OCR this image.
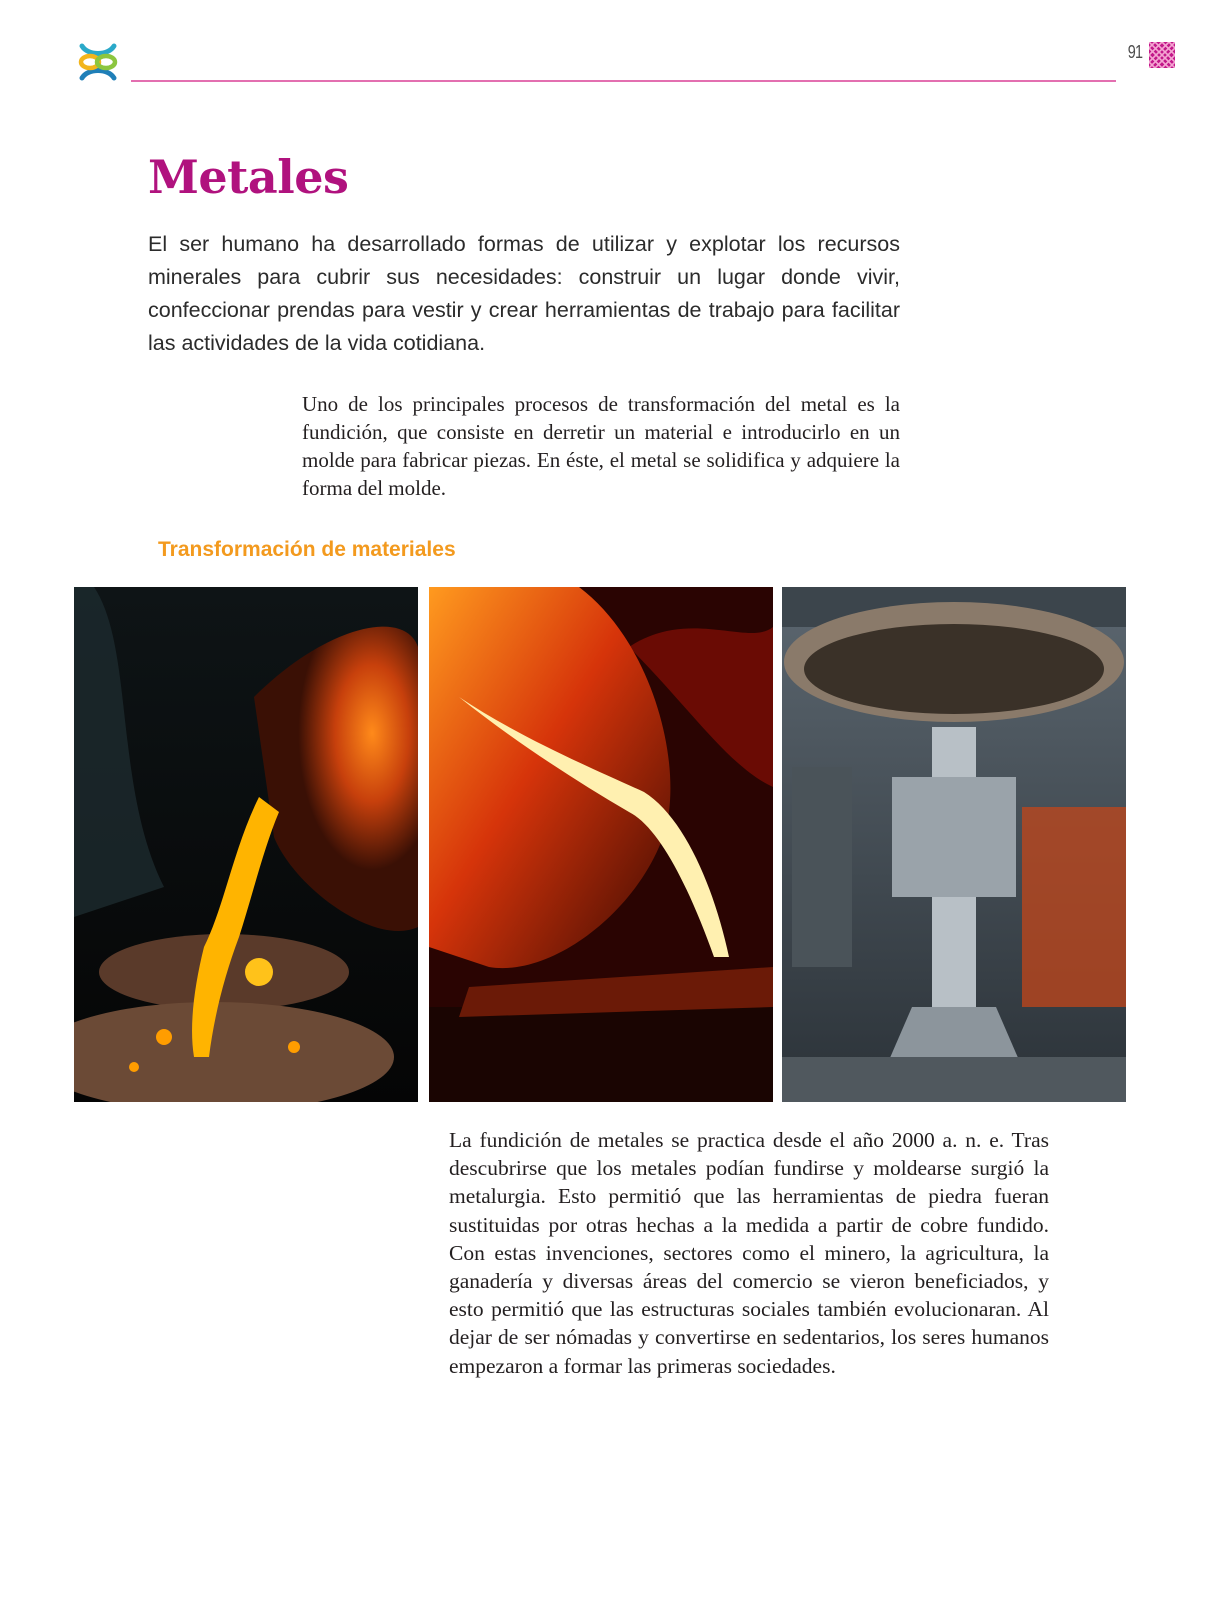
91
Metales

El ser humano ha desarrollado formas de utilizar y explotar los recursos minerales para cubrir sus necesidades: construir un lugar donde vivir, confeccionar prendas para vestir y crear herramientas de trabajo para facilitar las actividades de la vida cotidiana.

Uno de los principales procesos de transformación del metal es la fundición, que consiste en derretir un material e introducirlo en un molde para fabricar piezas. En éste, el metal se solidifica y adquiere la forma del molde.

Transformación de materiales

La fundición de metales se practica desde el año 2000 a. n. e. Tras descubrirse que los metales podían fundirse y moldearse surgió la metalurgia. Esto permitió que las herramientas de piedra fueran sustituidas por otras hechas a la medida a partir de cobre fundido. Con estas invenciones, sectores como el minero, la agricultura, la ganadería y diversas áreas del comercio se vieron beneficiados, y esto permitió que las estructuras sociales también evolucionaran. Al dejar de ser nómadas y convertirse en sedentarios, los seres humanos empezaron a formar las primeras sociedades.
